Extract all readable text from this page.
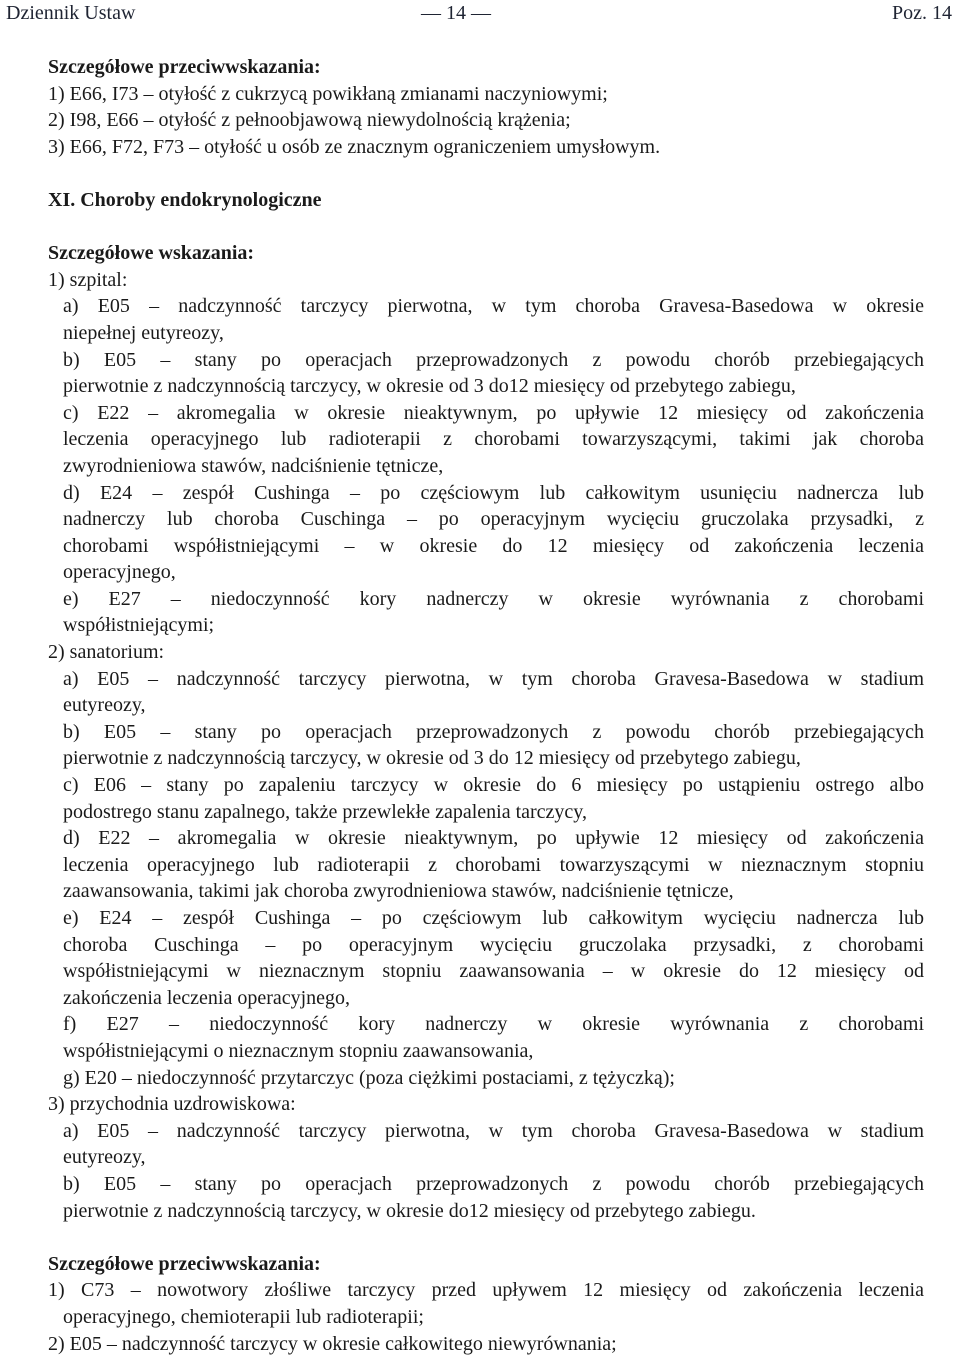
Dziennik Ustaw	— 14 —	Poz. 14
Szczegółowe przeciwwskazania:
1) E66, I73 – otyłość z cukrzycą powikłaną zmianami naczyniowymi;
2) I98, E66 – otyłość z pełnoobjawową niewydolnością krążenia;
3) E66, F72, F73 – otyłość u osób ze znacznym ograniczeniem umysłowym.
XI. Choroby endokrynologiczne
Szczegółowe wskazania:
1) szpital:
a) E05 – nadczynność tarczycy pierwotna, w tym choroba Gravesa-Basedowa w okresie
niepełnej eutyreozy,
b) E05 – stany po operacjach przeprowadzonych z powodu chorób przebiegających
pierwotnie z nadczynnością tarczycy, w okresie od 3 do12 miesięcy od przebytego zabiegu,
c) E22 – akromegalia w okresie nieaktywnym, po upływie 12 miesięcy od zakończenia
leczenia operacyjnego lub radioterapii z chorobami towarzyszącymi, takimi jak choroba
zwyrodnieniowa stawów, nadciśnienie tętnicze,
d) E24 – zespół Cushinga – po częściowym lub całkowitym usunięciu nadnercza lub
nadnerczy lub choroba Cuschinga – po operacyjnym wycięciu gruczolaka przysadki, z
chorobami współistniejącymi – w okresie do 12 miesięcy od zakończenia leczenia
operacyjnego,
e) E27 – niedoczynność kory nadnerczy w okresie wyrównania z chorobami
współistniejącymi;
2) sanatorium:
a) E05 – nadczynność tarczycy pierwotna, w tym choroba Gravesa-Basedowa w stadium
eutyreozy,
b) E05 – stany po operacjach przeprowadzonych z powodu chorób przebiegających
pierwotnie z nadczynnością tarczycy, w okresie od 3 do 12 miesięcy od przebytego zabiegu,
c) E06 – stany po zapaleniu tarczycy w okresie do 6 miesięcy po ustąpieniu ostrego albo
podostrego stanu zapalnego, także przewlekłe zapalenia tarczycy,
d) E22 – akromegalia w okresie nieaktywnym, po upływie 12 miesięcy od zakończenia
leczenia operacyjnego lub radioterapii z chorobami towarzyszącymi w nieznacznym stopniu
zaawansowania, takimi jak choroba zwyrodnieniowa stawów, nadciśnienie tętnicze,
e) E24 – zespół Cushinga – po częściowym lub całkowitym wycięciu nadnercza lub
choroba Cuschinga – po operacyjnym wycięciu gruczolaka przysadki, z chorobami
współistniejącymi w nieznacznym stopniu zaawansowania – w okresie do 12 miesięcy od
zakończenia leczenia operacyjnego,
f) E27 – niedoczynność kory nadnerczy w okresie wyrównania z chorobami
współistniejącymi o nieznacznym stopniu zaawansowania,
g) E20 – niedoczynność przytarczyc (poza ciężkimi postaciami, z tężyczką);
3) przychodnia uzdrowiskowa:
a) E05 – nadczynność tarczycy pierwotna, w tym choroba Gravesa-Basedowa w stadium
eutyreozy,
b) E05 – stany po operacjach przeprowadzonych z powodu chorób przebiegających
pierwotnie z nadczynnością tarczycy, w okresie do12 miesięcy od przebytego zabiegu.
Szczegółowe przeciwwskazania:
1) C73 – nowotwory złośliwe tarczycy przed upływem 12 miesięcy od zakończenia leczenia
operacyjnego, chemioterapii lub radioterapii;
2) E05 – nadczynność tarczycy w okresie całkowitego niewyrównania;
